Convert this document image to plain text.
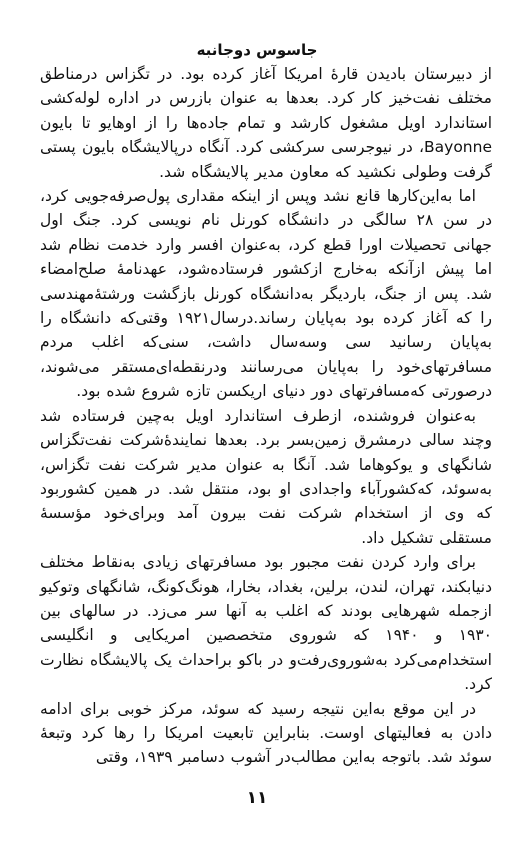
جاسوس دوجانبه

از دبیرستان بادیدن قارۀ امریکا آغاز کرده بود. در تگزاس درمناطق مختلف نفت‌خیز کار کرد. بعدها به عنوان بازرس در اداره لوله‌کشی استاندارد اویل مشغول کارشد و تمام جاده‌ها را از اوهایو تا بایون Bayonne، در نیوجرسی سرکشی کرد. آنگاه درپالایشگاه بایون پستی گرفت وطولی نکشید که معاون مدیر پالایشگاه شد.

اما به‌این‌کارها قانع نشد وپس از اینکه مقداری پول‌صرفه‌جویی کرد، در سن ۲۸ سالگی در دانشگاه کورنل نام نویسی کرد. جنگ اول جهانی تحصیلات اورا قطع کرد، به‌عنوان افسر وارد خدمت نظام شد اما پیش ازآنکه به‌خارج ازکشور فرستاده‌شود، عهدنامۀ صلح‌امضاء شد. پس از جنگ، باردیگر به‌دانشگاه کورنل بازگشت ورشتۀمهندسی را که آغاز کرده بود به‌پایان رساند.درسال۱۹۲۱ وقتی‌که دانشگاه را به‌پایان رسانید سی وسه‌سال داشت، سنی‌که اغلب مردم مسافرتهای‌خود را به‌پایان می‌رسانند ودرنقطه‌ای‌مستقر می‌شوند، درصورتی که‌مسافرتهای دور دنیای اریکسن تازه شروع شده بود.

به‌عنوان فروشنده، ازطرف استاندارد اویل به‌چین فرستاده شد وچند سالی درمشرق زمین‌بسر برد. بعدها نمایندۀشرکت نفت‌تگزاس شانگهای و یوکوهاما شد. آنگا به عنوان مدیر شرکت نفت تگزاس، به‌سوئد، که‌کشورآباء واجدادی او بود، منتقل شد. در همین کشوربود که وی از استخدام شرکت نفت بیرون آمد وبرای‌خود مؤسسۀ مستقلی تشکیل داد.

برای وارد کردن نفت مجبور بود مسافرتهای زیادی به‌نقاط مختلف دنیابکند، تهران، لندن، برلین، بغداد، بخارا، هونگ‌کونگ، شانگهای وتوکیو ازجمله شهرهایی بودند که اغلب به آنها سر می‌زد. در سالهای بین ۱۹۳۰ و ۱۹۴۰ که شوروی متخصصین امریکایی و انگلیسی استخدام‌می‌کرد به‌شوروی‌رفت‌و در باکو براحداث یک پالایشگاه نظارت کرد.

در این موقع به‌این نتیجه رسید که سوئد، مرکز خوبی برای ادامه دادن به فعالیتهای اوست. بنابراین تابعیت امریکا را رها کرد وتبعۀ سوئد شد. باتوجه به‌این مطالب‌در آشوب دسامبر ۱۹۳۹، وقتی

۱۱
